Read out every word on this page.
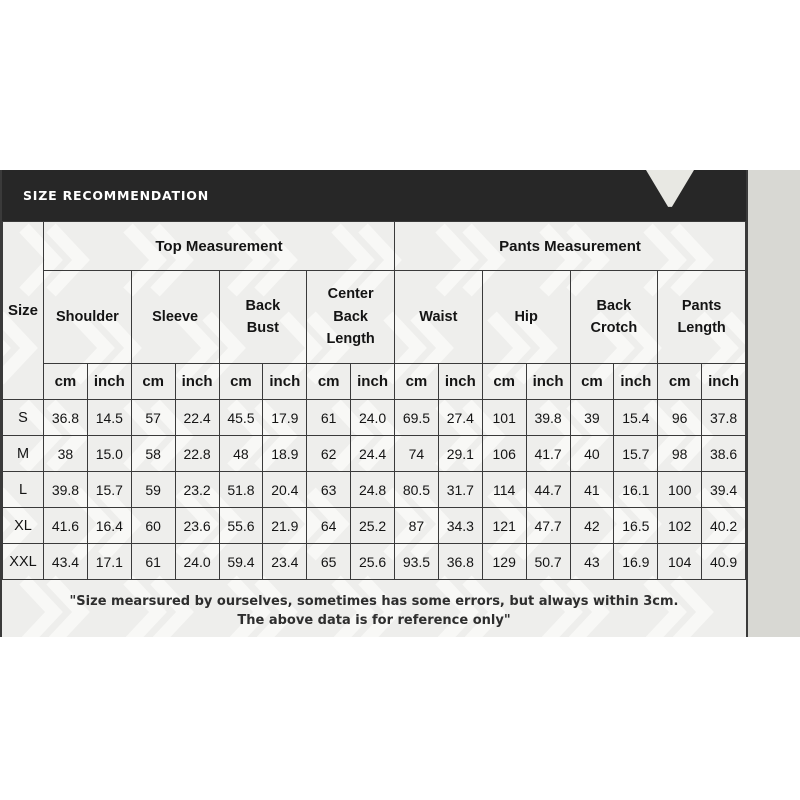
SIZE RECOMMENDATION
Size	Top Measurement								Pants Measurement							
	Shoulder		Sleeve		Back Bust		Center Back Length		Waist		Hip		Back Crotch		Pants Length	
	cm	inch	cm	inch	cm	inch	cm	inch	cm	inch	cm	inch	cm	inch	cm	inch
S	36.8	14.5	57	22.4	45.5	17.9	61	24.0	69.5	27.4	101	39.8	39	15.4	96	37.8
M	38	15.0	58	22.8	48	18.9	62	24.4	74	29.1	106	41.7	40	15.7	98	38.6
L	39.8	15.7	59	23.2	51.8	20.4	63	24.8	80.5	31.7	114	44.7	41	16.1	100	39.4
XL	41.6	16.4	60	23.6	55.6	21.9	64	25.2	87	34.3	121	47.7	42	16.5	102	40.2
XXL	43.4	17.1	61	24.0	59.4	23.4	65	25.6	93.5	36.8	129	50.7	43	16.9	104	40.9
"Size mearsured by ourselves, sometimes has some errors, but always within 3cm.
The above data is for reference only"
